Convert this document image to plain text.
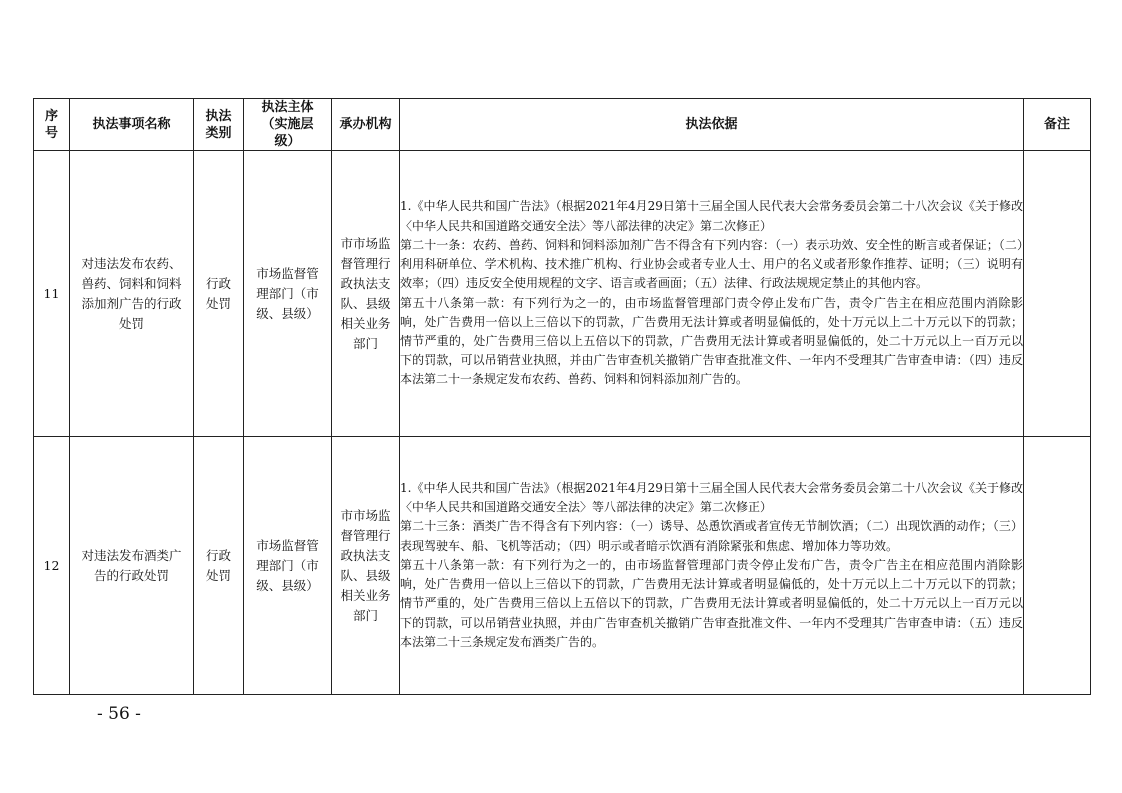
序号	执法事项名称	执法类别	执法主体（实施层级）	承办机构	执法依据	备注
11	对违法发布农药、兽药、饲料和饲料添加剂广告的行政处罚	行政处罚	市场监督管理部门（市级、县级）	市市场监督管理行政执法支队、县级相关业务部门	1.《中华人民共和国广告法》（根据2021年4月29日第十三届全国人民代表大会常务委员会第二十八次会议《关于修改〈中华人民共和国道路交通安全法〉等八部法律的决定》第二次修正）

第二十一条：农药、兽药、饲料和饲料添加剂广告不得含有下列内容：（一）表示功效、安全性的断言或者保证；（二）利用科研单位、学术机构、技术推广机构、行业协会或者专业人士、用户的名义或者形象作推荐、证明；（三）说明有效率；（四）违反安全使用规程的文字、语言或者画面；（五）法律、行政法规规定禁止的其他内容。

第五十八条第一款：有下列行为之一的，由市场监督管理部门责令停止发布广告，责令广告主在相应范围内消除影响，处广告费用一倍以上三倍以下的罚款，广告费用无法计算或者明显偏低的，处十万元以上二十万元以下的罚款；情节严重的，处广告费用三倍以上五倍以下的罚款，广告费用无法计算或者明显偏低的，处二十万元以上一百万元以下的罚款，可以吊销营业执照，并由广告审查机关撤销广告审查批准文件、一年内不受理其广告审查申请：（四）违反本法第二十一条规定发布农药、兽药、饲料和饲料添加剂广告的。	

12	对违法发布酒类广告的行政处罚	行政处罚	市场监督管理部门（市级、县级）	市市场监督管理行政执法支队、县级相关业务部门	1.《中华人民共和国广告法》（根据2021年4月29日第十三届全国人民代表大会常务委员会第二十八次会议《关于修改〈中华人民共和国道路交通安全法〉等八部法律的决定》第二次修正）

第二十三条：酒类广告不得含有下列内容：（一）诱导、怂恿饮酒或者宣传无节制饮酒；（二）出现饮酒的动作；（三）表现驾驶车、船、飞机等活动；（四）明示或者暗示饮酒有消除紧张和焦虑、增加体力等功效。

第五十八条第一款：有下列行为之一的，由市场监督管理部门责令停止发布广告，责令广告主在相应范围内消除影响，处广告费用一倍以上三倍以下的罚款，广告费用无法计算或者明显偏低的，处十万元以上二十万元以下的罚款；情节严重的，处广告费用三倍以上五倍以下的罚款，广告费用无法计算或者明显偏低的，处二十万元以上一百万元以下的罚款，可以吊销营业执照，并由广告审查机关撤销广告审查批准文件、一年内不受理其广告审查申请：（五）违反本法第二十三条规定发布酒类广告的。	

- 56 -
